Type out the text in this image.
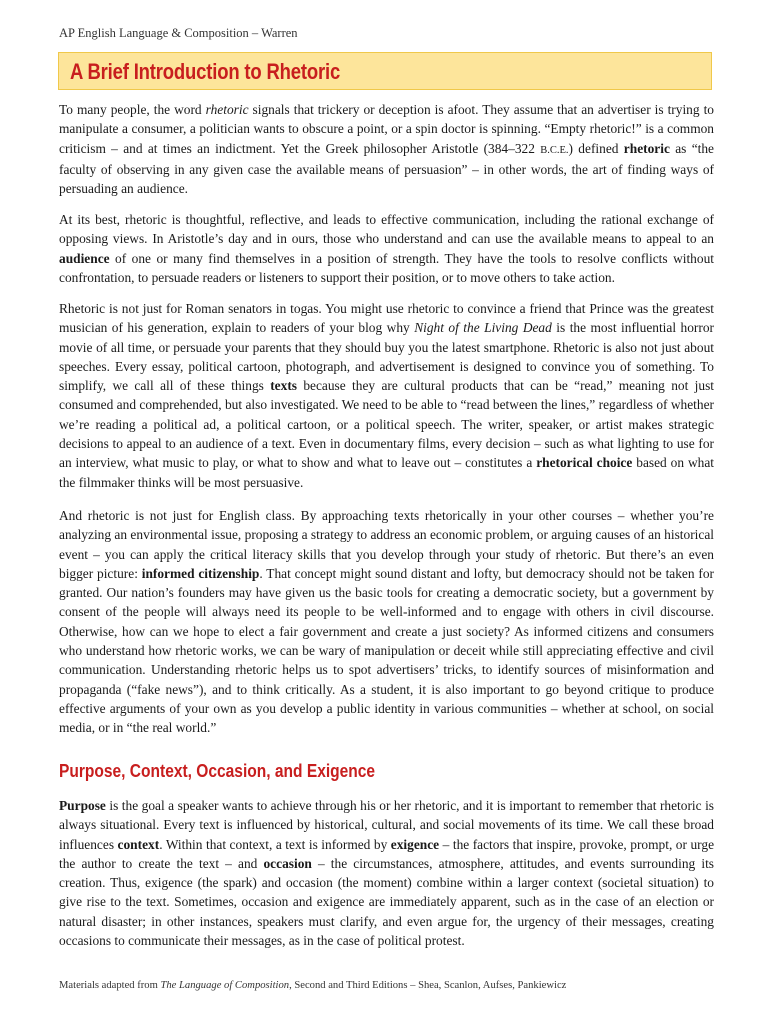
AP English Language & Composition – Warren
A Brief Introduction to Rhetoric

To many people, the word rhetoric signals that trickery or deception is afoot. They assume that an advertiser is trying to manipulate a consumer, a politician wants to obscure a point, or a spin doctor is spinning. “Empty rhetoric!” is a common criticism – and at times an indictment. Yet the Greek philosopher Aristotle (384–322 B.C.E.) defined rhetoric as “the faculty of observing in any given case the available means of persuasion” – in other words, the art of finding ways of persuading an audience.

At its best, rhetoric is thoughtful, reflective, and leads to effective communication, including the rational exchange of opposing views. In Aristotle’s day and in ours, those who understand and can use the available means to appeal to an audience of one or many find themselves in a position of strength. They have the tools to resolve conflicts without confrontation, to persuade readers or listeners to support their position, or to move others to take action.

Rhetoric is not just for Roman senators in togas. You might use rhetoric to convince a friend that Prince was the greatest musician of his generation, explain to readers of your blog why Night of the Living Dead is the most influential horror movie of all time, or persuade your parents that they should buy you the latest smartphone. Rhetoric is also not just about speeches. Every essay, political cartoon, photograph, and advertisement is designed to convince you of something. To simplify, we call all of these things texts because they are cultural products that can be “read,” meaning not just consumed and comprehended, but also investigated. We need to be able to “read between the lines,” regardless of whether we’re reading a political ad, a political cartoon, or a political speech. The writer, speaker, or artist makes strategic decisions to appeal to an audience of a text. Even in documentary films, every decision – such as what lighting to use for an interview, what music to play, or what to show and what to leave out – constitutes a rhetorical choice based on what the filmmaker thinks will be most persuasive.

And rhetoric is not just for English class. By approaching texts rhetorically in your other courses – whether you’re analyzing an environmental issue, proposing a strategy to address an economic problem, or arguing causes of an historical event – you can apply the critical literacy skills that you develop through your study of rhetoric. But there’s an even bigger picture: informed citizenship. That concept might sound distant and lofty, but democracy should not be taken for granted. Our nation’s founders may have given us the basic tools for creating a democratic society, but a government by consent of the people will always need its people to be well-informed and to engage with others in civil discourse. Otherwise, how can we hope to elect a fair government and create a just society? As informed citizens and consumers who understand how rhetoric works, we can be wary of manipulation or deceit while still appreciating effective and civil communication. Understanding rhetoric helps us to spot advertisers’ tricks, to identify sources of misinformation and propaganda (“fake news”), and to think critically. As a student, it is also important to go beyond critique to produce effective arguments of your own as you develop a public identity in various communities – whether at school, on social media, or in “the real world.”

Purpose, Context, Occasion, and Exigence

Purpose is the goal a speaker wants to achieve through his or her rhetoric, and it is important to remember that rhetoric is always situational. Every text is influenced by historical, cultural, and social movements of its time. We call these broad influences context. Within that context, a text is informed by exigence – the factors that inspire, provoke, prompt, or urge the author to create the text – and occasion – the circumstances, atmosphere, attitudes, and events surrounding its creation. Thus, exigence (the spark) and occasion (the moment) combine within a larger context (societal situation) to give rise to the text. Sometimes, occasion and exigence are immediately apparent, such as in the case of an election or natural disaster; in other instances, speakers must clarify, and even argue for, the urgency of their messages, creating occasions to communicate their messages, as in the case of political protest.

Materials adapted from The Language of Composition, Second and Third Editions – Shea, Scanlon, Aufses, Pankiewicz
